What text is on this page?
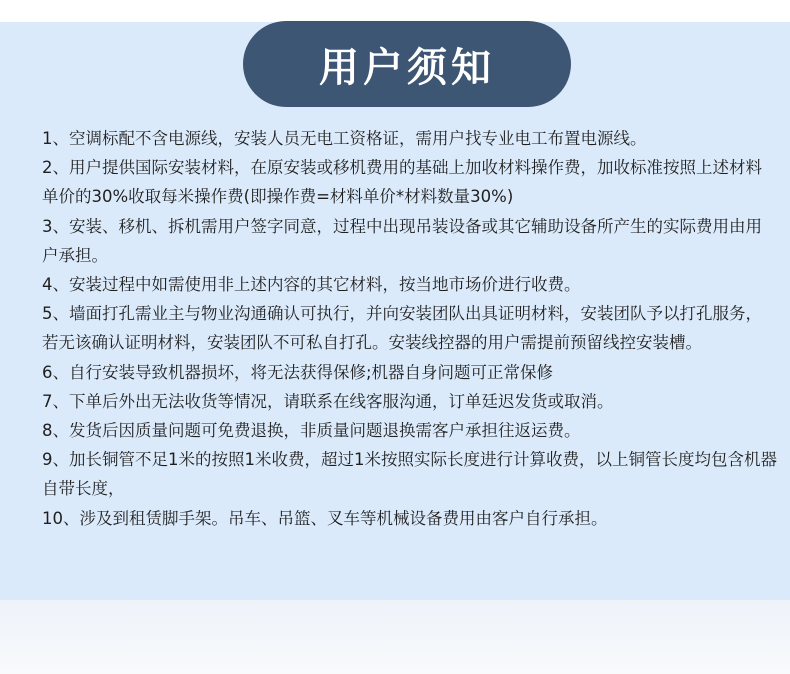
用户须知
1、空调标配不含电源线，安装人员无电工资格证，需用户找专业电工布置电源线。
2、用户提供国际安装材料，在原安装或移机费用的基础上加收材料操作费，加收标准按照上述材料单价的30%收取每米操作费(即操作费=材料单价*材料数量30%)
3、安装、移机、拆机需用户签字同意，过程中出现吊装设备或其它辅助设备所产生的实际费用由用户承担。
4、安装过程中如需使用非上述内容的其它材料，按当地市场价进行收费。
5、墙面打孔需业主与物业沟通确认可执行，并向安装团队出具证明材料，安装团队予以打孔服务，若无该确认证明材料，安装团队不可私自打孔。安装线控器的用户需提前预留线控安装槽。
6、自行安装导致机器损坏，将无法获得保修;机器自身问题可正常保修
7、下单后外出无法收货等情况，请联系在线客服沟通，订单廷迟发货或取消。
8、发货后因质量问题可免费退换，非质量问题退换需客户承担往返运费。
9、加长铜管不足1米的按照1米收费，超过1米按照实际长度进行计算收费，以上铜管长度均包含机器自带长度，
10、涉及到租赁脚手架。吊车、吊篮、叉车等机械设备费用由客户自行承担。
